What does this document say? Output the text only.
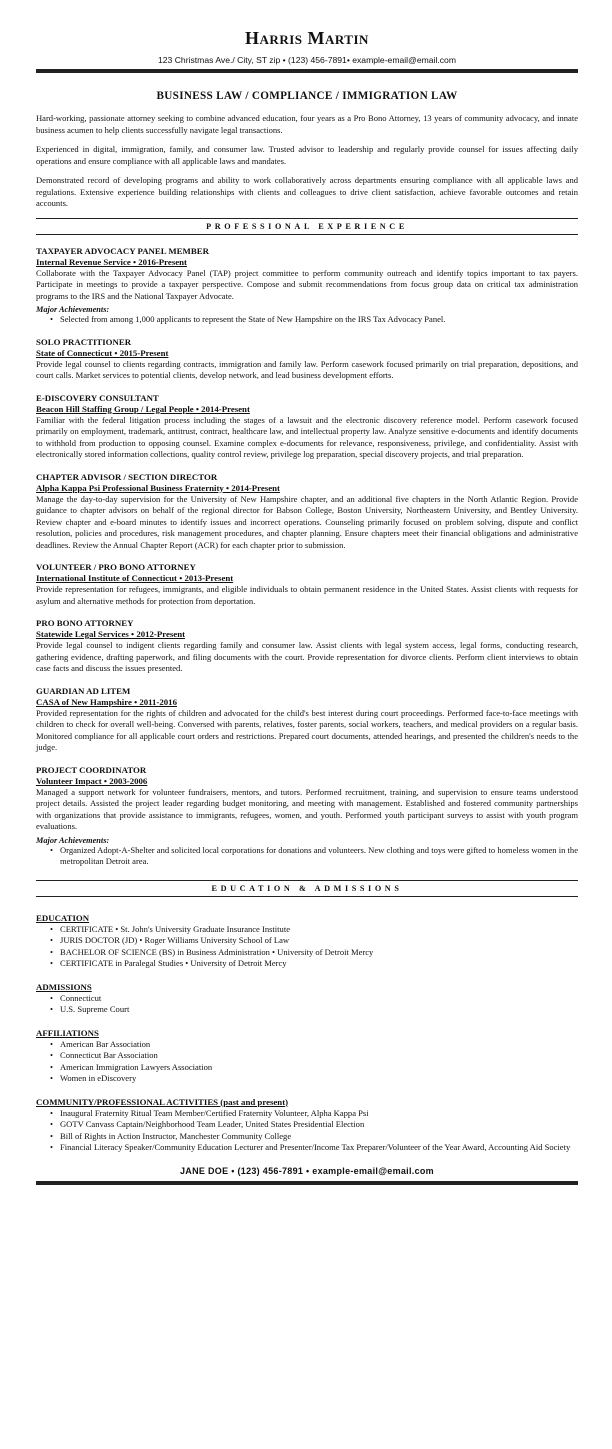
Harris Martin
123 Christmas Ave./ City, ST zip • (123) 456-7891• example-email@email.com
BUSINESS LAW / COMPLIANCE / IMMIGRATION LAW

Hard-working, passionate attorney seeking to combine advanced education, four years as a Pro Bono Attorney, 13 years of community advocacy, and innate business acumen to help clients successfully navigate legal transactions.

Experienced in digital, immigration, family, and consumer law. Trusted advisor to leadership and regularly provide counsel for issues affecting daily operations and ensure compliance with all applicable laws and mandates.

Demonstrated record of developing programs and ability to work collaboratively across departments ensuring compliance with all applicable laws and regulations. Extensive experience building relationships with clients and colleagues to drive client satisfaction, achieve favorable outcomes and retain accounts.

PROFESSIONAL EXPERIENCE
TAXPAYER ADVOCACY PANEL MEMBER
Internal Revenue Service • 2016-Present

Collaborate with the Taxpayer Advocacy Panel (TAP) project committee to perform community outreach and identify topics important to tax payers. Participate in meetings to provide a taxpayer perspective. Compose and submit recommendations from focus group data on critical tax administration programs to the IRS and the National Taxpayer Advocate.

Major Achievements:
• Selected from among 1,000 applicants to represent the State of New Hampshire on the IRS Tax Advocacy Panel.
SOLO PRACTITIONER
State of Connecticut • 2015-Present

Provide legal counsel to clients regarding contracts, immigration and family law. Perform casework focused primarily on trial preparation, depositions, and court calls. Market services to potential clients, develop network, and lead business development efforts.

E-DISCOVERY CONSULTANT
Beacon Hill Staffing Group / Legal People • 2014-Present

Familiar with the federal litigation process including the stages of a lawsuit and the electronic discovery reference model. Perform casework focused primarily on employment, trademark, antitrust, contract, healthcare law, and intellectual property law. Analyze sensitive e-documents and identify documents to withhold from production to opposing counsel. Examine complex e-documents for relevance, responsiveness, privilege, and confidentiality. Assist with electronically stored information collections, quality control review, privilege log preparation, special discovery projects, and trial preparation.

CHAPTER ADVISOR / SECTION DIRECTOR
Alpha Kappa Psi Professional Business Fraternity • 2014-Present

Manage the day-to-day supervision for the University of New Hampshire chapter, and an additional five chapters in the North Atlantic Region. Provide guidance to chapter advisors on behalf of the regional director for Babson College, Boston University, Northeastern University, and Bentley University. Review chapter and e-board minutes to identify issues and incorrect operations. Counseling primarily focused on problem solving, dispute and conflict resolution, policies and procedures, risk management procedures, and chapter planning. Ensure chapters meet their financial obligations and administrative deadlines. Review the Annual Chapter Report (ACR) for each chapter prior to submission.

VOLUNTEER / PRO BONO ATTORNEY
International Institute of Connecticut • 2013-Present

Provide representation for refugees, immigrants, and eligible individuals to obtain permanent residence in the United States. Assist clients with requests for asylum and alternative methods for protection from deportation.

PRO BONO ATTORNEY
Statewide Legal Services • 2012-Present

Provide legal counsel to indigent clients regarding family and consumer law. Assist clients with legal system access, legal forms, conducting research, gathering evidence, drafting paperwork, and filing documents with the court. Provide representation for divorce clients. Perform client interviews to obtain case facts and discuss the issues presented.

GUARDIAN AD LITEM
CASA of New Hampshire • 2011-2016

Provided representation for the rights of children and advocated for the child's best interest during court proceedings. Performed face-to-face meetings with children to check for overall well-being. Conversed with parents, relatives, foster parents, social workers, teachers, and medical providers on a regular basis. Monitored compliance for all applicable court orders and restrictions. Prepared court documents, attended hearings, and presented the children's needs to the judge.

PROJECT COORDINATOR
Volunteer Impact • 2003-2006

Managed a support network for volunteer fundraisers, mentors, and tutors. Performed recruitment, training, and supervision to ensure teams understood project details. Assisted the project leader regarding budget monitoring, and meeting with management. Established and fostered community partnerships with organizations that provide assistance to immigrants, refugees, women, and youth. Performed youth participant surveys to assist with youth program evaluations.

Major Achievements:
• Organized Adopt-A-Shelter and solicited local corporations for donations and volunteers. New clothing and toys were gifted to homeless women in the metropolitan Detroit area.
EDUCATION & ADMISSIONS
EDUCATION
• CERTIFICATE • St. John's University Graduate Insurance Institute
• JURIS DOCTOR (JD) • Roger Williams University School of Law
• BACHELOR OF SCIENCE (BS) in Business Administration • University of Detroit Mercy
• CERTIFICATE in Paralegal Studies • University of Detroit Mercy
ADMISSIONS
• Connecticut
• U.S. Supreme Court
AFFILIATIONS
• American Bar Association
• Connecticut Bar Association
• American Immigration Lawyers Association
• Women in eDiscovery
COMMUNITY/PROFESSIONAL ACTIVITIES (past and present)
• Inaugural Fraternity Ritual Team Member/Certified Fraternity Volunteer, Alpha Kappa Psi
• GOTV Canvass Captain/Neighborhood Team Leader, United States Presidential Election
• Bill of Rights in Action Instructor, Manchester Community College
• Financial Literacy Speaker/Community Education Lecturer and Presenter/Income Tax Preparer/Volunteer of the Year Award, Accounting Aid Society
JANE DOE • (123) 456-7891 • example-email@email.com
